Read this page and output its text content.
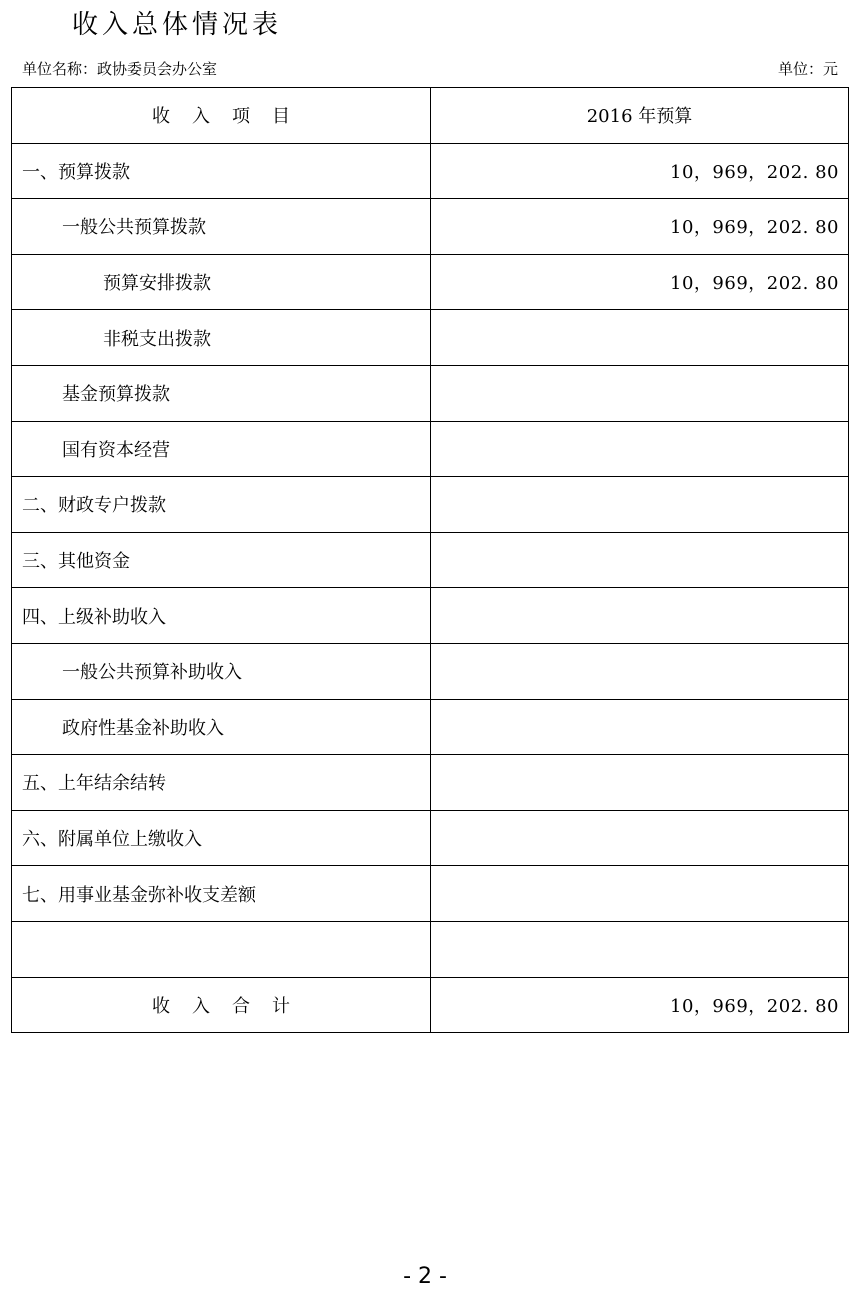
收入总体情况表
单位名称：政协委员会办公室	单位：元
收入项目	2016 年预算
一、预算拨款	10，969，202. 80
一般公共预算拨款	10，969，202. 80
预算安排拨款	10，969，202. 80
非税支出拨款	
基金预算拨款	
国有资本经营	
二、财政专户拨款	
三、其他资金	
四、上级补助收入	
一般公共预算补助收入	
政府性基金补助收入	
五、上年结余结转	
六、附属单位上缴收入	
七、用事业基金弥补收支差额	

收入合计	10，969，202. 80
- 2 -
